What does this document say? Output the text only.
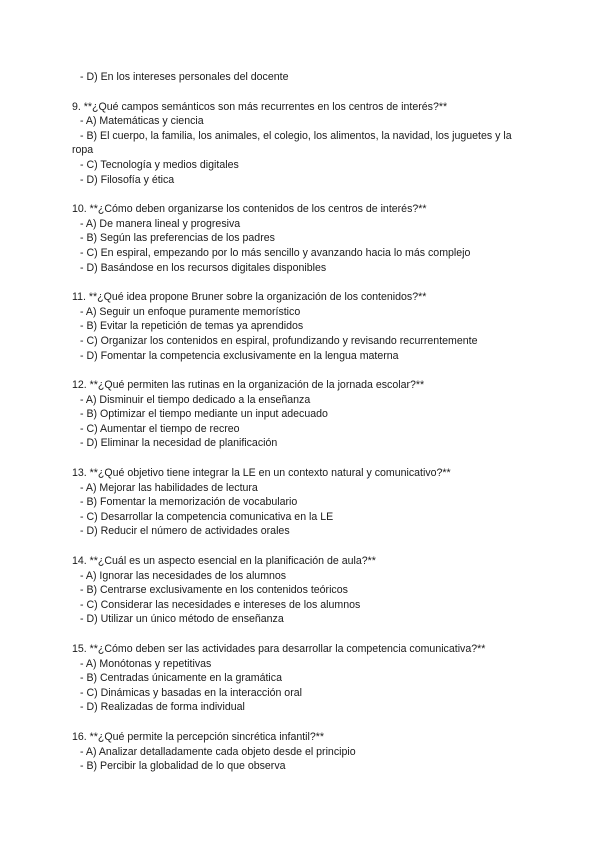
- D) En los intereses personales del docente
9. **¿Qué campos semánticos son más recurrentes en los centros de interés?**
- A) Matemáticas y ciencia
- B) El cuerpo, la familia, los animales, el colegio, los alimentos, la navidad, los juguetes y la ropa
- C) Tecnología y medios digitales
- D) Filosofía y ética
10. **¿Cómo deben organizarse los contenidos de los centros de interés?**
- A) De manera lineal y progresiva
- B) Según las preferencias de los padres
- C) En espiral, empezando por lo más sencillo y avanzando hacia lo más complejo
- D) Basándose en los recursos digitales disponibles
11. **¿Qué idea propone Bruner sobre la organización de los contenidos?**
- A) Seguir un enfoque puramente memorístico
- B) Evitar la repetición de temas ya aprendidos
- C) Organizar los contenidos en espiral, profundizando y revisando recurrentemente
- D) Fomentar la competencia exclusivamente en la lengua materna
12. **¿Qué permiten las rutinas en la organización de la jornada escolar?**
- A) Disminuir el tiempo dedicado a la enseñanza
- B) Optimizar el tiempo mediante un input adecuado
- C) Aumentar el tiempo de recreo
- D) Eliminar la necesidad de planificación
13. **¿Qué objetivo tiene integrar la LE en un contexto natural y comunicativo?**
- A) Mejorar las habilidades de lectura
- B) Fomentar la memorización de vocabulario
- C) Desarrollar la competencia comunicativa en la LE
- D) Reducir el número de actividades orales
14. **¿Cuál es un aspecto esencial en la planificación de aula?**
- A) Ignorar las necesidades de los alumnos
- B) Centrarse exclusivamente en los contenidos teóricos
- C) Considerar las necesidades e intereses de los alumnos
- D) Utilizar un único método de enseñanza
15. **¿Cómo deben ser las actividades para desarrollar la competencia comunicativa?**
- A) Monótonas y repetitivas
- B) Centradas únicamente en la gramática
- C) Dinámicas y basadas en la interacción oral
- D) Realizadas de forma individual
16. **¿Qué permite la percepción sincrética infantil?**
- A) Analizar detalladamente cada objeto desde el principio
- B) Percibir la globalidad de lo que observa
